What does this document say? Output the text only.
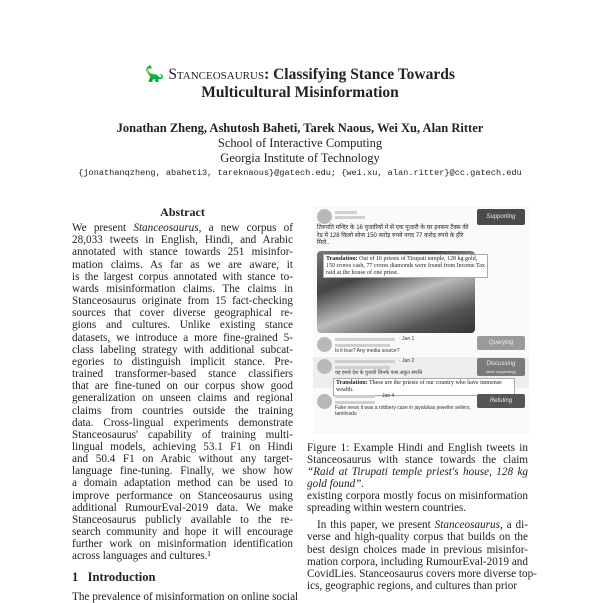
🦕 Stanceosaurus: Classifying Stance Towards
Multicultural Misinformation
Jonathan Zheng, Ashutosh Baheti, Tarek Naous, Wei Xu, Alan Ritter
School of Interactive Computing
Georgia Institute of Technology
{jonathanqzheng, abaheti3, tareknaous}@gatech.edu; {wei.xu, alan.ritter}@cc.gatech.edu
Abstract
We present Stanceosaurus, a new corpus of
28,033 tweets in English, Hindi, and Arabic
annotated with stance towards 251 misinfor-
mation claims. As far as we are aware, it
is the largest corpus annotated with stance to-
wards misinformation claims. The claims in
Stanceosaurus originate from 15 fact-checking
sources that cover diverse geographical re-
gions and cultures. Unlike existing stance
datasets, we introduce a more fine-grained 5-
class labeling strategy with additional subcat-
egories to distinguish implicit stance. Pre-
trained transformer-based stance classifiers
that are fine-tuned on our corpus show good
generalization on unseen claims and regional
claims from countries outside the training
data. Cross-lingual experiments demonstrate
Stanceosaurus' capability of training multi-
lingual models, achieving 53.1 F1 on Hindi
and 50.4 F1 on Arabic without any target-
language fine-tuning. Finally, we show how
a domain adaptation method can be used to
improve performance on Stanceosaurus using
additional RumourEval-2019 data. We make
Stanceosaurus publicly available to the re-
search community and hope it will encourage
further work on misinformation identification
across languages and cultures.¹
1 Introduction
The prevalence of misinformation on online social
Supporting
तिरुपति मन्दिर के 16 पुजारियों में से एक पुजारी के घर इनकम टैक्स की रेड में 128 किलो सोना 150 करोड़ रुपये नगद 77 करोड़ रुपये के हीरे मिले..
Translation: Out of 16 priests of Tirupati temple, 128 kg gold, 150 crores cash, 77 crores diamonds were found from Income Tax raid at the house of one priest.
· Jan 1
Is it true? Any media source?
Querying
· Jan 2
यह हमारे देश के पुजारी जिनके पास अकूत संपत्ति
Discussing
(lean supporting)
Translation: These are the priests of our country who have immense wealth.
· Jan 4
Fake news it was a robbery case in jayalukas jeweller sellers, tamilnadu
Refuting
Figure 1: Example Hindi and English tweets in Stanceosaurus with stance towards the claim “Raid at Tirupati temple priest's house, 128 kg gold found”.
existing corpora mostly focus on misinformation
spreading within western countries.
In this paper, we present Stanceosaurus, a di-
verse and high-quality corpus that builds on the
best design choices made in previous misinfor-
mation corpora, including RumourEval-2019 and
CovidLies. Stanceosaurus covers more diverse top-
ics, geographic regions, and cultures than prior
